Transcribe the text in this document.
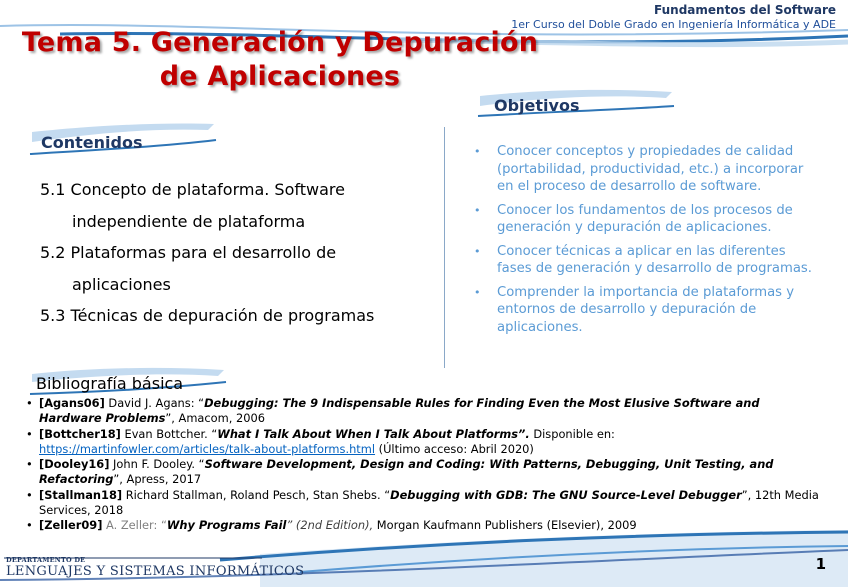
Fundamentos del Software
1er Curso del Doble Grado en Ingeniería Informática y ADE
Tema 5. Generación y Depuración
de Aplicaciones
Objetivos
Contenidos
5.1 Concepto de plataforma. Software
independiente de plataforma
5.2 Plataformas para el desarrollo de
aplicaciones
5.3 Técnicas de depuración de programas
• Conocer conceptos y propiedades de calidad (portabilidad, productividad, etc.) a incorporar en el proceso de desarrollo de software.
• Conocer los fundamentos de los procesos de generación y depuración de aplicaciones.
• Conocer técnicas a aplicar en las diferentes fases de generación y desarrollo de programas.
• Comprender la importancia de plataformas y entornos de desarrollo y depuración de aplicaciones.
Bibliografía básica
• [Agans06] David J. Agans: “Debugging: The 9 Indispensable Rules for Finding Even the Most Elusive Software and Hardware Problems”, Amacom, 2006
• [Bottcher18] Evan Bottcher. “What I Talk About When I Talk About Platforms”. Disponible en:
https://martinfowler.com/articles/talk-about-platforms.html (Último acceso: Abril 2020)
• [Dooley16] John F. Dooley. “Software Development, Design and Coding: With Patterns, Debugging, Unit Testing, and Refactoring”, Apress, 2017
• [Stallman18] Richard Stallman, Roland Pesch, Stan Shebs. “Debugging with GDB: The GNU Source-Level Debugger”, 12th Media Services, 2018
• [Zeller09] A. Zeller: “Why Programs Fail” (2nd Edition), Morgan Kaufmann Publishers (Elsevier), 2009
DEPARTAMENTO DE
LENGUAJES Y SISTEMAS INFORMÁTICOS	1
